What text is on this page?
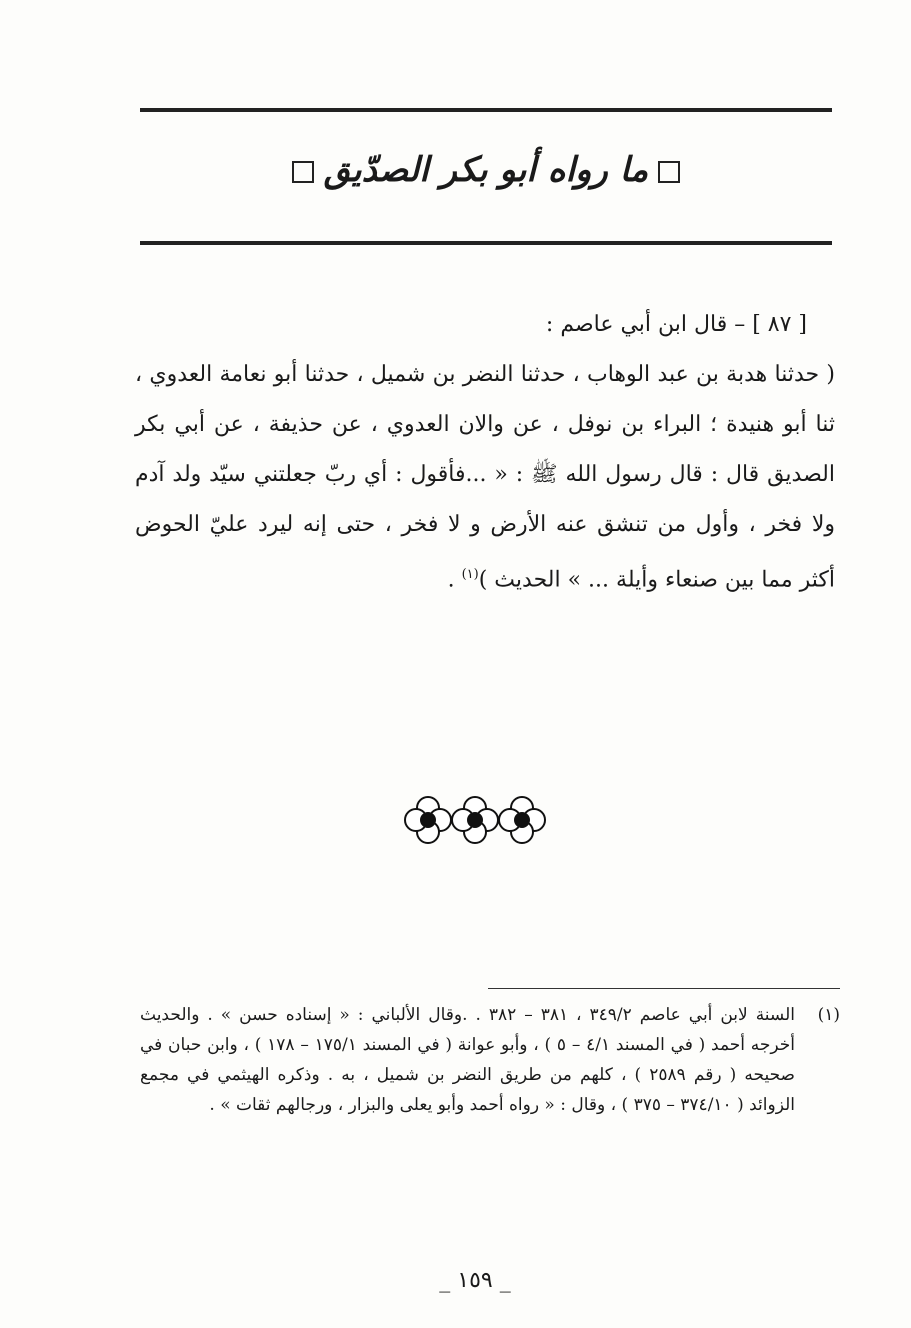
ما رواه أبو بكر الصدّيق

[ ٨٧ ] – قال ابن أبي عاصم :

( حدثنا هدبة بن عبد الوهاب ، حدثنا النضر بن شميل ، حدثنا أبو نعامة العدوي ، ثنا أبو هنيدة ؛ البراء بن نوفل ، عن والان العدوي ، عن حذيفة ، عن أبي بكر الصديق قال : قال رسول الله ﷺ : « ...فأقول : أي ربّ جعلتني سيّد ولد آدم ولا فخر ، وأول من تنشق عنه الأرض و لا فخر ، حتى إنه ليرد عليّ الحوض أكثر مما بين صنعاء وأيلة ... » الحديث )$^{(١)}$ .

(١)
السنة لابن أبي عاصم ٣٤٩/٢ ، ٣٨١ – ٣٨٢ . .وقال الألباني : « إسناده حسن » . والحديث أخرجه أحمد ( في المسند ٤/١ – ٥ ) ، وأبو عوانة ( في المسند ١٧٥/١ – ١٧٨ ) ، وابن حبان في صحيحه ( رقم ٢٥٨٩ ) ، كلهم من طريق النضر بن شميل ، به . وذكره الهيثمي في مجمع الزوائد ( ٣٧٤/١٠ – ٣٧٥ ) ، وقال : « رواه أحمد وأبو يعلى والبزار ، ورجالهم ثقات » .
_ ١٥٩ _
